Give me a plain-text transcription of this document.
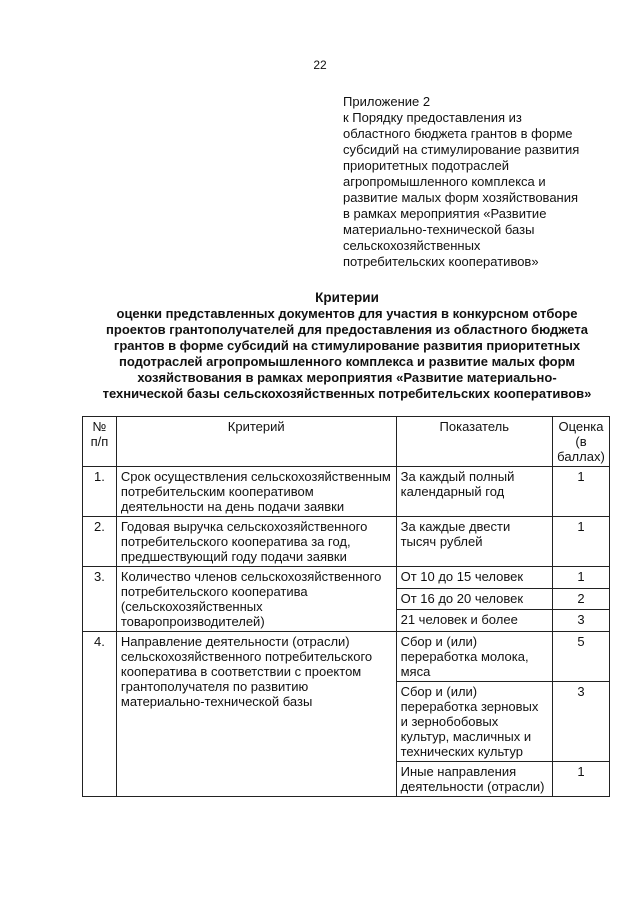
22
Приложение 2
к Порядку предоставления из
областного бюджета грантов в форме
субсидий на стимулирование развития
приоритетных подотраслей
агропромышленного комплекса и
развитие малых форм хозяйствования
в рамках мероприятия «Развитие
материально-технической базы
сельскохозяйственных
потребительских кооперативов»
Критерии
оценки представленных документов для участия в конкурсном отборе
проектов грантополучателей для предоставления из областного бюджета
грантов в форме субсидий на стимулирование развития приоритетных
подотраслей агропромышленного комплекса и развитие малых форм
хозяйствования в рамках мероприятия «Развитие материально-
технической базы сельскохозяйственных потребительских кооперативов»
№ п/п	Критерий	Показатель	Оценка (в баллах)
1.	Срок осуществления сельскохозяйственным потребительским кооперативом деятельности на день подачи заявки	За каждый полный календарный год	1
2.	Годовая выручка сельскохозяйственного потребительского кооператива за год, предшествующий году подачи заявки	За каждые двести тысяч рублей	1
3.	Количество членов сельскохозяйственного потребительского кооператива (сельскохозяйственных товаропроизводителей)	От 10 до 15 человек	1
		От 16 до 20 человек	2
		21 человек и более	3
4.	Направление деятельности (отрасли) сельскохозяйственного потребительского кооператива в соответствии с проектом грантополучателя по развитию материально-технической базы	Сбор и (или) переработка молока, мяса	5
		Сбор и (или) переработка зерновых и зернобобовых культур, масличных и технических культур	3
		Иные направления деятельности (отрасли)	1
